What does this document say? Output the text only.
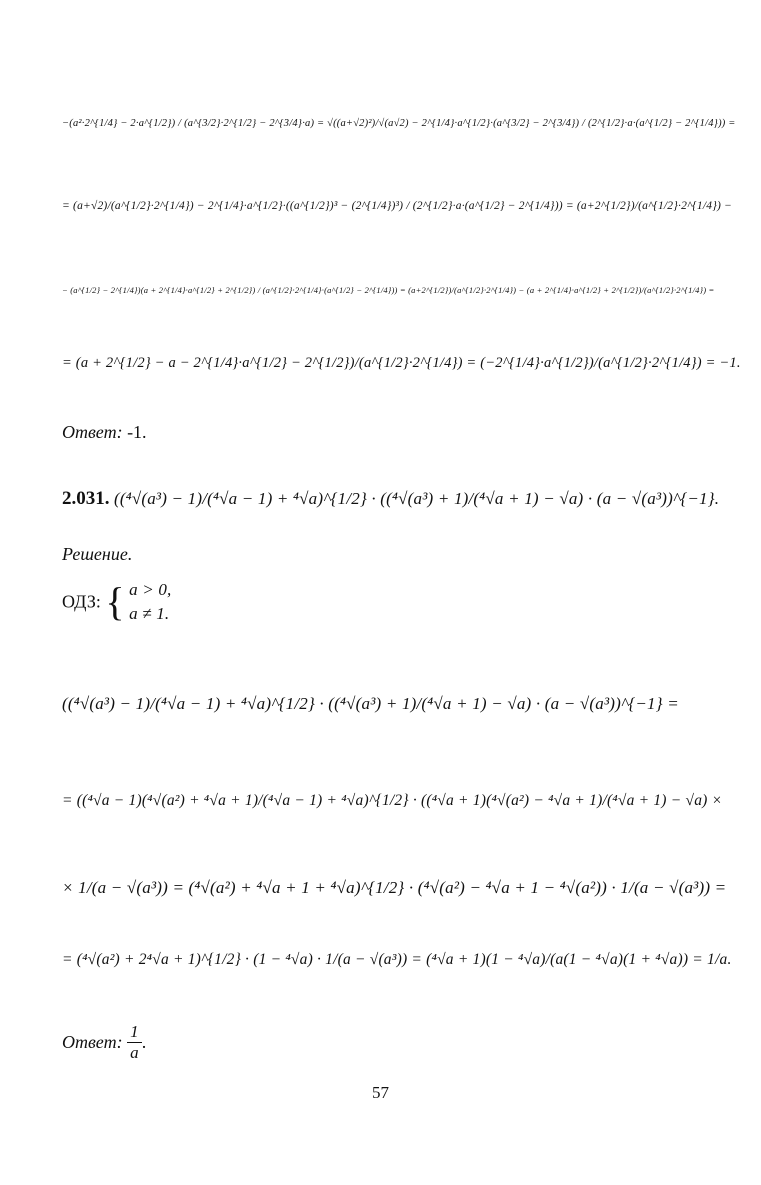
−(a²·2^{1/4} − 2·a^{1/2}) / (a^{3/2}·2^{1/2} − 2^{3/4}·a) = √((a+√2)²)/√(a√2) − 2^{1/4}·a^{1/2}·(a^{3/2} − 2^{3/4}) / (2^{1/2}·a·(a^{1/2} − 2^{1/4})) =
= (a+√2)/(a^{1/2}·2^{1/4}) − 2^{1/4}·a^{1/2}·((a^{1/2})³ − (2^{1/4})³) / (2^{1/2}·a·(a^{1/2} − 2^{1/4})) = (a+2^{1/2})/(a^{1/2}·2^{1/4}) −
− (a^{1/2} − 2^{1/4})(a + 2^{1/4}·a^{1/2} + 2^{1/2}) / (a^{1/2}·2^{1/4}·(a^{1/2} − 2^{1/4})) = (a+2^{1/2})/(a^{1/2}·2^{1/4}) − (a + 2^{1/4}·a^{1/2} + 2^{1/2})/(a^{1/2}·2^{1/4}) =
= (a + 2^{1/2} − a − 2^{1/4}·a^{1/2} − 2^{1/2})/(a^{1/2}·2^{1/4}) = (−2^{1/4}·a^{1/2})/(a^{1/2}·2^{1/4}) = −1.
Ответ: -1.
2.031. ((⁴√(a³) − 1)/(⁴√a − 1) + ⁴√a)^{1/2} · ((⁴√(a³) + 1)/(⁴√a + 1) − √a) · (a − √(a³))^{−1}.
Решение.
ОДЗ: { a > 0,
a ≠ 1.
((⁴√(a³) − 1)/(⁴√a − 1) + ⁴√a)^{1/2} · ((⁴√(a³) + 1)/(⁴√a + 1) − √a) · (a − √(a³))^{−1} =
= ((⁴√a − 1)(⁴√(a²) + ⁴√a + 1)/(⁴√a − 1) + ⁴√a)^{1/2} · ((⁴√a + 1)(⁴√(a²) − ⁴√a + 1)/(⁴√a + 1) − √a) ×
× 1/(a − √(a³)) = (⁴√(a²) + ⁴√a + 1 + ⁴√a)^{1/2} · (⁴√(a²) − ⁴√a + 1 − ⁴√(a²)) · 1/(a − √(a³)) =
= (⁴√(a²) + 2⁴√a + 1)^{1/2} · (1 − ⁴√a) · 1/(a − √(a³)) = (⁴√a + 1)(1 − ⁴√a)/(a(1 − ⁴√a)(1 + ⁴√a)) = 1/a.
Ответ: $\frac{1}{a}$ .
57
